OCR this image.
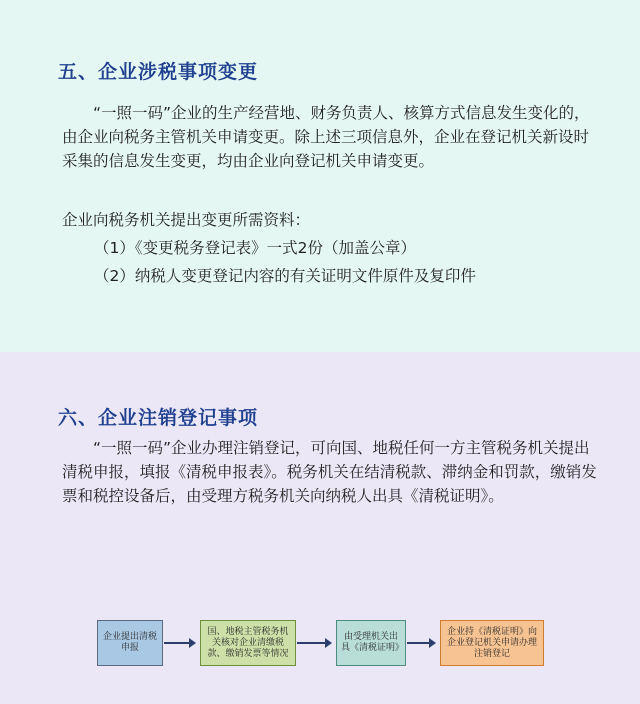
五、企业涉税事项变更
“一照一码”企业的生产经营地、财务负责人、核算方式信息发生变化的，由企业向税务主管机关申请变更。除上述三项信息外，企业在登记机关新设时采集的信息发生变更，均由企业向登记机关申请变更。
企业向税务机关提出变更所需资料：
（1）《变更税务登记表》一式2份（加盖公章）
（2）纳税人变更登记内容的有关证明文件原件及复印件
六、企业注销登记事项
“一照一码”企业办理注销登记，可向国、地税任何一方主管税务机关提出清税申报，填报《清税申报表》。税务机关在结清税款、滞纳金和罚款，缴销发票和税控设备后，由受理方税务机关向纳税人出具《清税证明》。
企业提出清税申报
国、地税主管税务机关核对企业清缴税款、缴销发票等情况
由受理机关出具《清税证明》
企业持《清税证明》向企业登记机关申请办理注销登记
